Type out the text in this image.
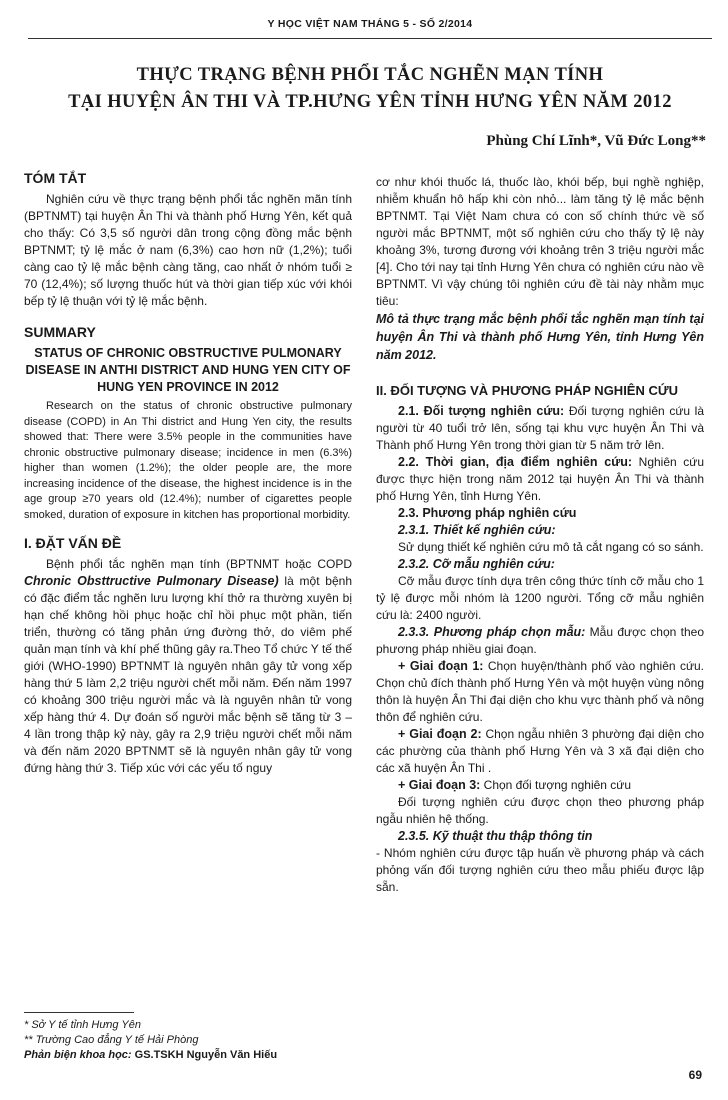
Y HỌC VIỆT NAM THÁNG 5 - SỐ 2/2014
THỰC TRẠNG BỆNH PHỔI TẮC NGHẼN MẠN TÍNH
TẠI HUYỆN ÂN THI VÀ TP.HƯNG YÊN TỈNH HƯNG YÊN NĂM 2012
Phùng Chí Lĩnh*, Vũ Đức Long**
TÓM TẮT

Nghiên cứu về thực trạng bệnh phổi tắc nghẽn mãn tính (BPTNMT) tại huyện Ân Thi và thành phố Hưng Yên, kết quả cho thấy: Có 3,5 số người dân trong cộng đồng mắc bệnh BPTNMT; tỷ lệ mắc ở nam (6,3%) cao hơn nữ (1,2%); tuổi càng cao tỷ lệ mắc bệnh càng tăng, cao nhất ở nhóm tuổi ≥ 70 (12,4%); số lượng thuốc hút và thời gian tiếp xúc với khói bếp tỷ lệ thuận với tỷ lệ mắc bệnh.

SUMMARY
STATUS OF CHRONIC OBSTRUCTIVE PULMONARY DISEASE IN ANTHI DISTRICT AND HUNG YEN CITY OF HUNG YEN PROVINCE IN 2012

Research on the status of chronic obstructive pulmonary disease (COPD) in An Thi district and Hung Yen city, the results showed that: There were 3.5% people in the communities have chronic obstructive pulmonary disease; incidence in men (6.3%) higher than women (1.2%); the older people are, the more increasing incidence of the disease, the highest incidence is in the age group ≥70 years old (12.4%); number of cigarettes people smoked, duration of exposure in kitchen has proportional morbidity.

I. ĐẶT VẤN ĐỀ

Bệnh phổi tắc nghẽn mạn tính (BPTNMT hoặc COPD Chronic Obsttructive Pulmonary Disease) là một bệnh có đặc điểm tắc nghẽn lưu lượng khí thở ra thường xuyên bị hạn chế không hồi phục hoặc chỉ hồi phục một phần, tiến triển, thường có tăng phản ứng đường thở, do viêm phế quản mạn tính và khí phế thũng gây ra.Theo Tổ chức Y tế thế giới (WHO-1990) BPTNMT là nguyên nhân gây tử vong xếp hàng thứ 5 làm 2,2 triệu người chết mỗi năm. Đến năm 1997 có khoảng 300 triệu người mắc và là nguyên nhân tử vong xếp hàng thứ 4. Dự đoán số người mắc bệnh sẽ tăng từ 3 – 4 lần trong thập kỷ này, gây ra 2,9 triệu người chết mỗi năm và đến năm 2020 BPTNMT sẽ là nguyên nhân gây tử vong đứng hàng thứ 3. Tiếp xúc với các yếu tố nguy

cơ như khói thuốc lá, thuốc lào, khói bếp, bụi nghề nghiệp, nhiễm khuẩn hô hấp khi còn nhỏ... làm tăng tỷ lệ mắc bệnh BPTNMT. Tại Việt Nam chưa có con số chính thức về số người mắc BPTNMT, một số nghiên cứu cho thấy tỷ lệ này khoảng 3%, tương đương với khoảng trên 3 triệu người mắc [4]. Cho tới nay tại tỉnh Hưng Yên chưa có nghiên cứu nào về BPTNMT. Vì vậy chúng tôi nghiên cứu đề tài này nhằm mục tiêu:

Mô tả thực trạng mắc bệnh phổi tắc nghẽn mạn tính tại huyện Ân Thi và thành phố Hưng Yên, tỉnh Hưng Yên năm 2012.

II. ĐỐI TƯỢNG VÀ PHƯƠNG PHÁP NGHIÊN CỨU

2.1. Đối tượng nghiên cứu: Đối tượng nghiên cứu là người từ 40 tuổi trở lên, sống tại khu vực huyện Ân Thi và Thành phố Hưng Yên trong thời gian từ 5 năm trở lên.

2.2. Thời gian, địa điểm nghiên cứu: Nghiên cứu được thực hiện trong năm 2012 tại huyện Ân Thi và thành phố Hưng Yên, tỉnh Hưng Yên.

2.3. Phương pháp nghiên cứu

2.3.1. Thiết kế nghiên cứu:

Sử dụng thiết kế nghiên cứu mô tả cắt ngang có so sánh.

2.3.2. Cỡ mẫu nghiên cứu:

Cỡ mẫu được tính dựa trên công thức tính cỡ mẫu cho 1 tỷ lệ được mỗi nhóm là 1200 người. Tổng cỡ mẫu nghiên cứu là: 2400 người.

2.3.3. Phương pháp chọn mẫu: Mẫu được chọn theo phương pháp nhiều giai đoạn.

+ Giai đoạn 1: Chọn huyện/thành phố vào nghiên cứu. Chọn chủ đích thành phố Hưng Yên và một huyện vùng nông thôn là huyện Ân Thi đại diện cho khu vực thành phố và nông thôn để nghiên cứu.

+ Giai đoạn 2: Chọn ngẫu nhiên 3 phường đại diện cho các phường của thành phố Hưng Yên và 3 xã đại diện cho các xã huyện Ân Thi .

+ Giai đoạn 3: Chọn đối tượng nghiên cứu

Đối tượng nghiên cứu được chọn theo phương pháp ngẫu nhiên hệ thống.

2.3.5. Kỹ thuật thu thập thông tin

- Nhóm nghiên cứu được tập huấn về phương pháp và cách phỏng vấn đối tượng nghiên cứu theo mẫu phiếu được lập sẵn.

* Sở Y tế tỉnh Hưng Yên
** Trường Cao đẳng Y tế Hải Phòng
Phản biện khoa học: GS.TSKH Nguyễn Văn Hiếu
69
